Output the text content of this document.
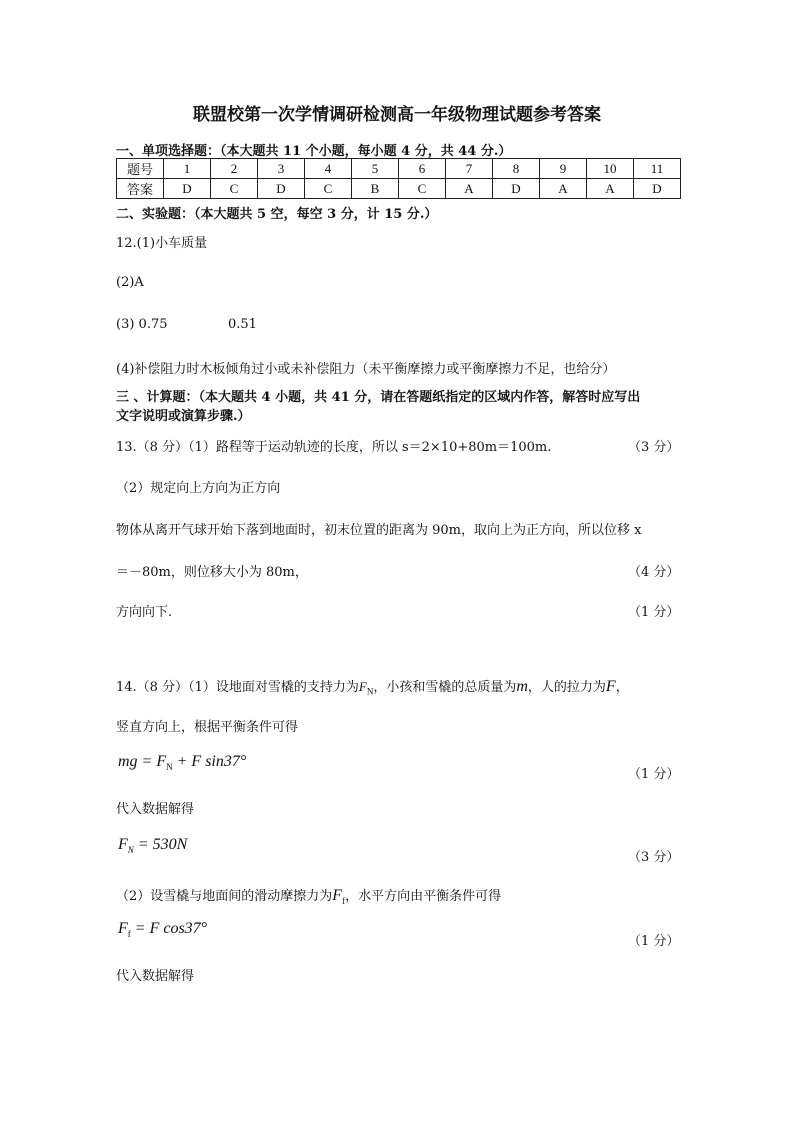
联盟校第一次学情调研检测高一年级物理试题参考答案
一、单项选择题：（本大题共 11 个小题，每小题 4 分，共 44 分.）
题号	1	2	3	4	5	6	7	8	9	10	11
答案	D	C	D	C	B	C	A	D	A	A	D
二、实验题：（本大题共 5 空，每空 3 分，计 15 分.）
12.(1)小车质量
(2)A
(3) 0.75	0.51
(4)补偿阻力时木板倾角过小或未补偿阻力（未平衡摩擦力或平衡摩擦力不足，也给分）
三 、计算题：（本大题共 4 小题，共 41 分，请在答题纸指定的区域内作答，解答时应写出
文字说明或演算步骤.）
13.（8 分）（1）路程等于运动轨迹的长度，所以 s＝2×10+80m＝100m.	（3 分）
（2）规定向上方向为正方向
物体从离开气球开始下落到地面时，初末位置的距离为 90m，取向上为正方向，所以位移 x
＝－80m，则位移大小为 80m，	（4 分）
方向向下.	（1 分）
14.（8 分）（1）设地面对雪橇的支持力为$F_N$，小孩和雪橇的总质量为m，人的拉力为F，
竖直方向上，根据平衡条件可得
mg = $F_N + F$ sin37°
（1 分）
代入数据解得
$F_N = 530N$
（3 分）
（2）设雪橇与地面间的滑动摩擦力为$F_f$，水平方向由平衡条件可得
$F_f = F$ cos37°
（1 分）
代入数据解得
